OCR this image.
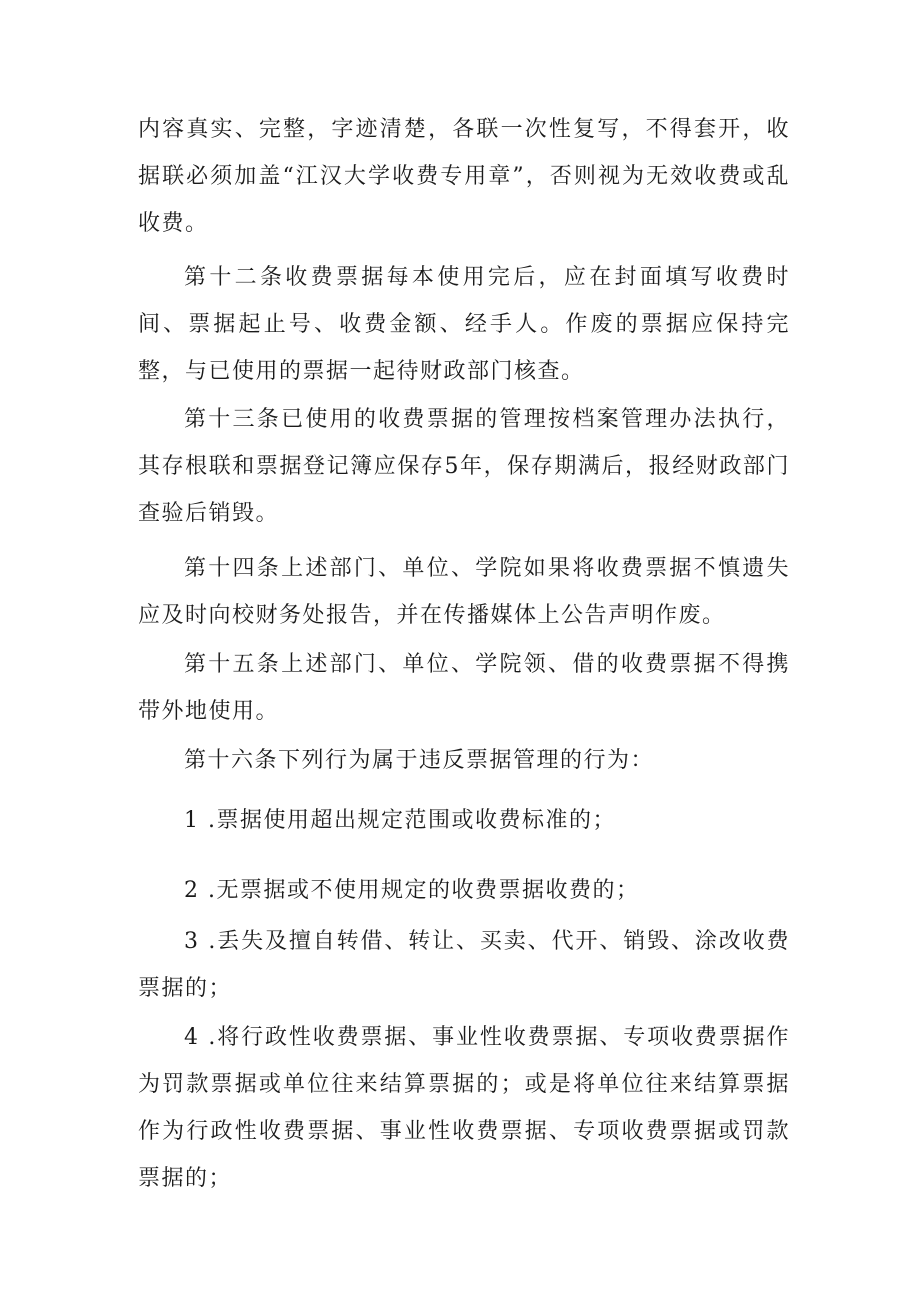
内容真实、完整，字迹清楚，各联一次性复写，不得套开，收据联必须加盖“江汉大学收费专用章”，否则视为无效收费或乱收费。

第十二条收费票据每本使用完后，应在封面填写收费时间、票据起止号、收费金额、经手人。作废的票据应保持完整，与已使用的票据一起待财政部门核查。

第十三条已使用的收费票据的管理按档案管理办法执行，其存根联和票据登记簿应保存5年，保存期满后，报经财政部门查验后销毁。

第十四条上述部门、单位、学院如果将收费票据不慎遗失应及时向校财务处报告，并在传播媒体上公告声明作废。

第十五条上述部门、单位、学院领、借的收费票据不得携带外地使用。

第十六条下列行为属于违反票据管理的行为：

1 .票据使用超出规定范围或收费标准的；

2 .无票据或不使用规定的收费票据收费的；

3 .丢失及擅自转借、转让、买卖、代开、销毁、涂改收费票据的；

4 .将行政性收费票据、事业性收费票据、专项收费票据作为罚款票据或单位往来结算票据的；或是将单位往来结算票据作为行政性收费票据、事业性收费票据、专项收费票据或罚款票据的；
